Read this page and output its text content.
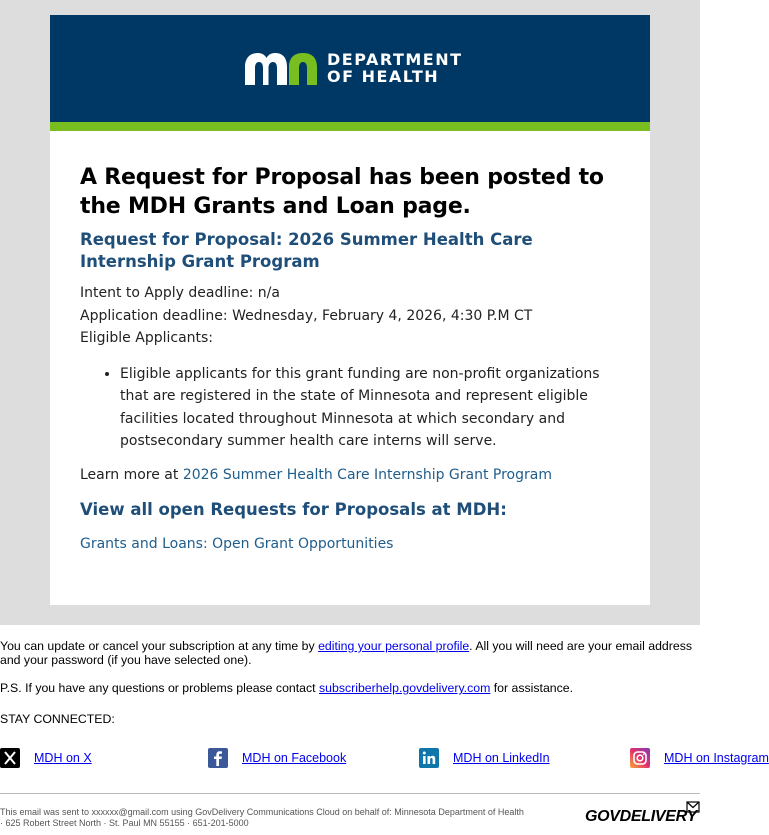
DEPARTMENT
OF HEALTH
A Request for Proposal has been posted to the MDH Grants and Loan page.
Request for Proposal: 2026 Summer Health Care Internship Grant Program
Intent to Apply deadline: n/a
Application deadline: Wednesday, February 4, 2026, 4:30 P.M CT
Eligible Applicants:
• Eligible applicants for this grant funding are non-profit organizations that are registered in the state of Minnesota and represent eligible facilities located throughout Minnesota at which secondary and postsecondary summer health care interns will serve.
Learn more at 2026 Summer Health Care Internship Grant Program
View all open Requests for Proposals at MDH:
Grants and Loans: Open Grant Opportunities

You can update or cancel your subscription at any time by editing your personal profile. All you will need are your email address and your password (if you have selected one).

P.S. If you have any questions or problems please contact subscriberhelp.govdelivery.com for assistance.

STAY CONNECTED:

MDH on X	MDH on Facebook	MDH on LinkedIn	MDH on Instagram
This email was sent to xxxxxx@gmail.com using GovDelivery Communications Cloud on behalf of: Minnesota Department of Health
· 625 Robert Street North · St. Paul MN 55155 · 651-201-5000	GOVDELIVERY
